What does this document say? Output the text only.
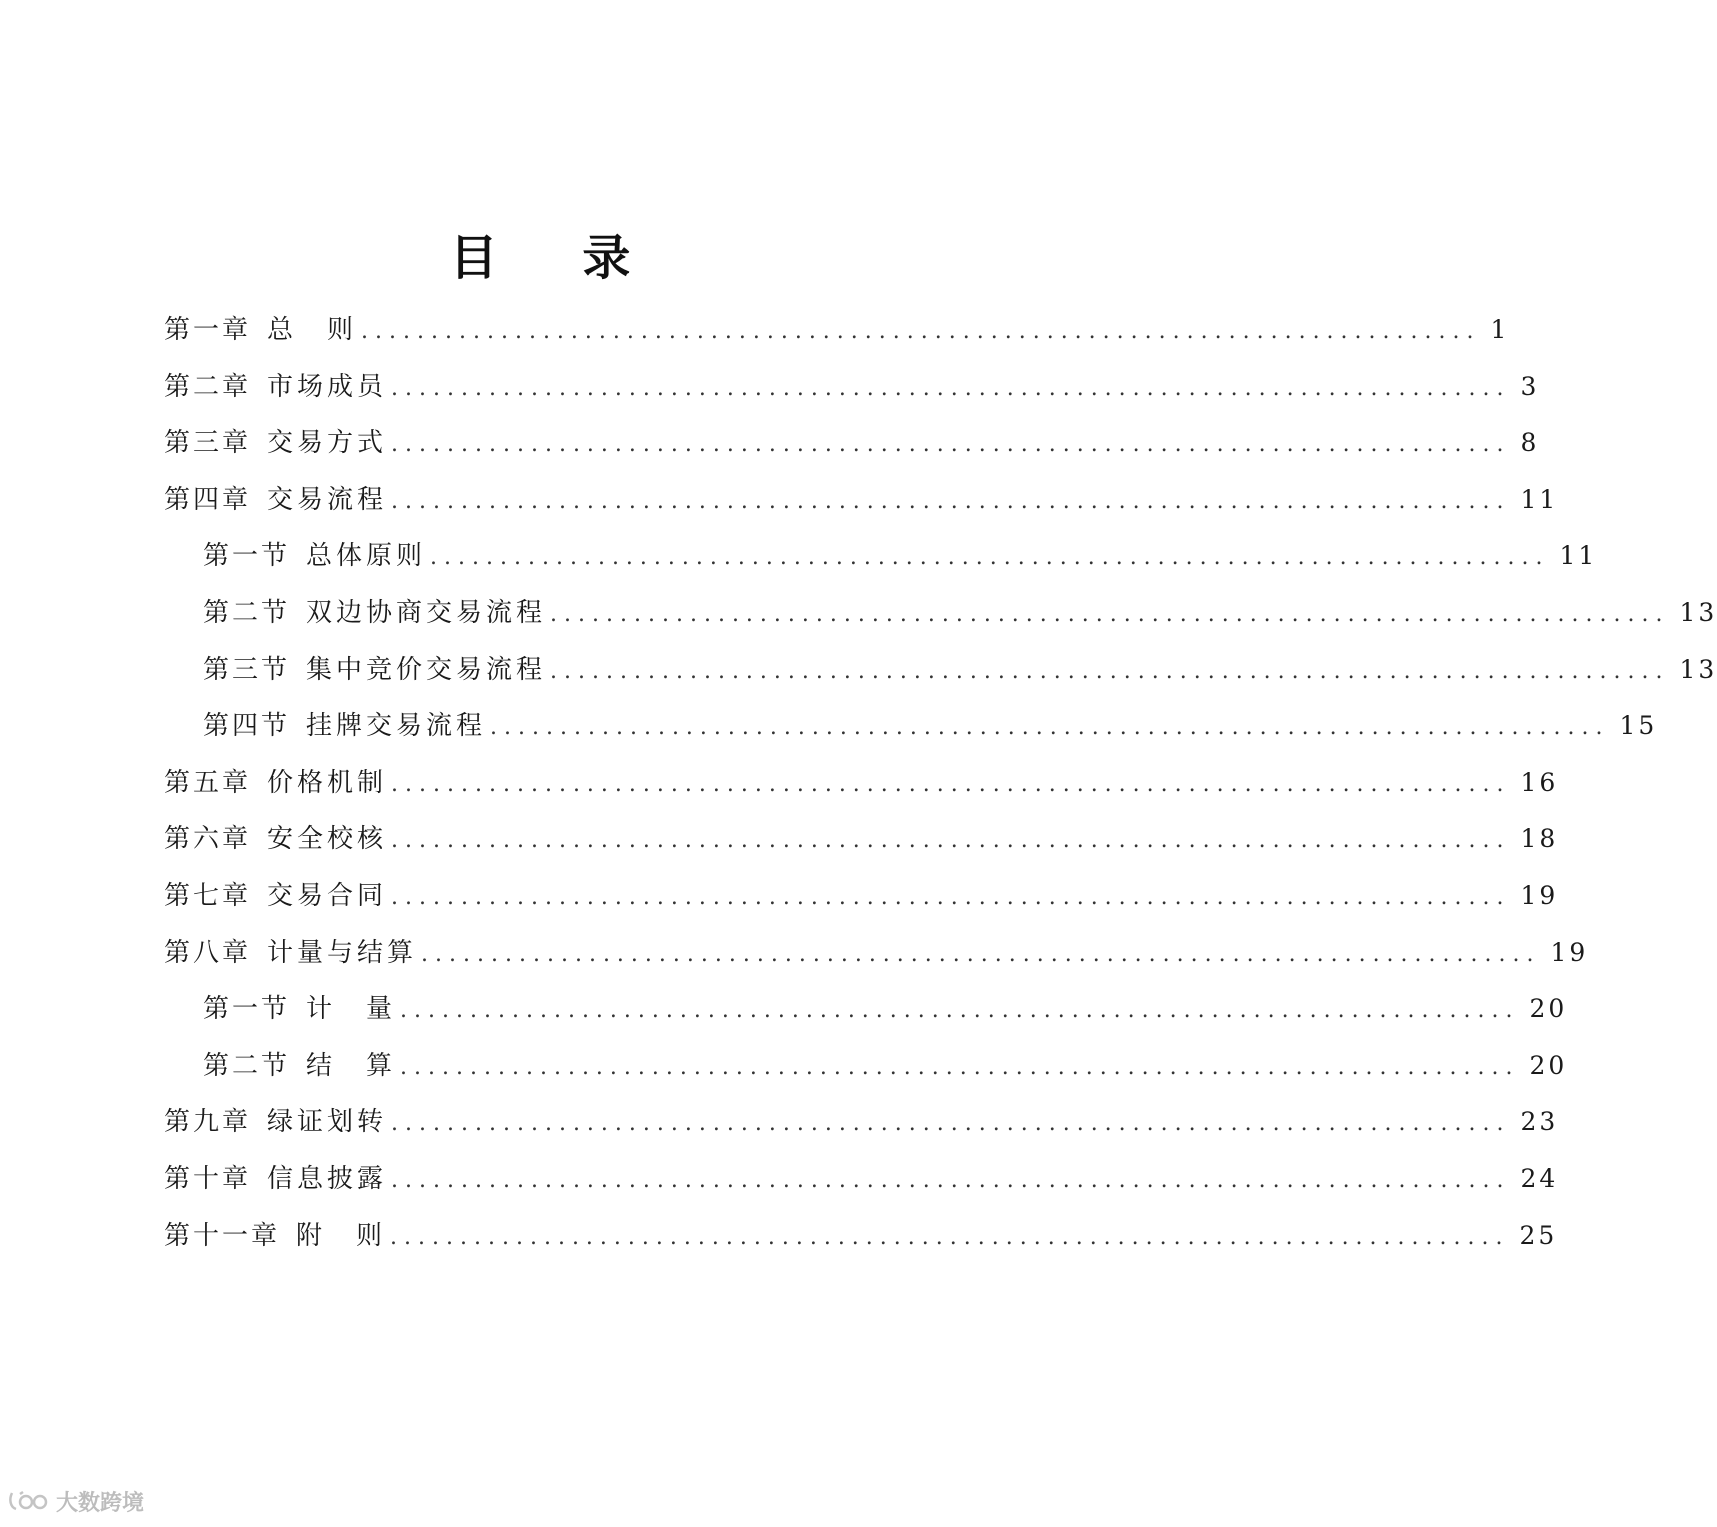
目 录
第一章 总　则 ................................................................................ 1
第二章 市场成员 ................................................................................ 3
第三章 交易方式 ................................................................................ 8
第四章 交易流程 ................................................................................ 11
第一节 总体原则 ................................................................................ 11
第二节 双边协商交易流程 ................................................................................ 13
第三节 集中竞价交易流程 ................................................................................ 13
第四节 挂牌交易流程 ................................................................................ 15
第五章 价格机制 ................................................................................ 16
第六章 安全校核 ................................................................................ 18
第七章 交易合同 ................................................................................ 19
第八章 计量与结算 ................................................................................ 19
第一节 计　量 ................................................................................ 20
第二节 结　算 ................................................................................ 20
第九章 绿证划转 ................................................................................ 23
第十章 信息披露 ................................................................................ 24
第十一章 附　则 ................................................................................ 25
大数跨境
